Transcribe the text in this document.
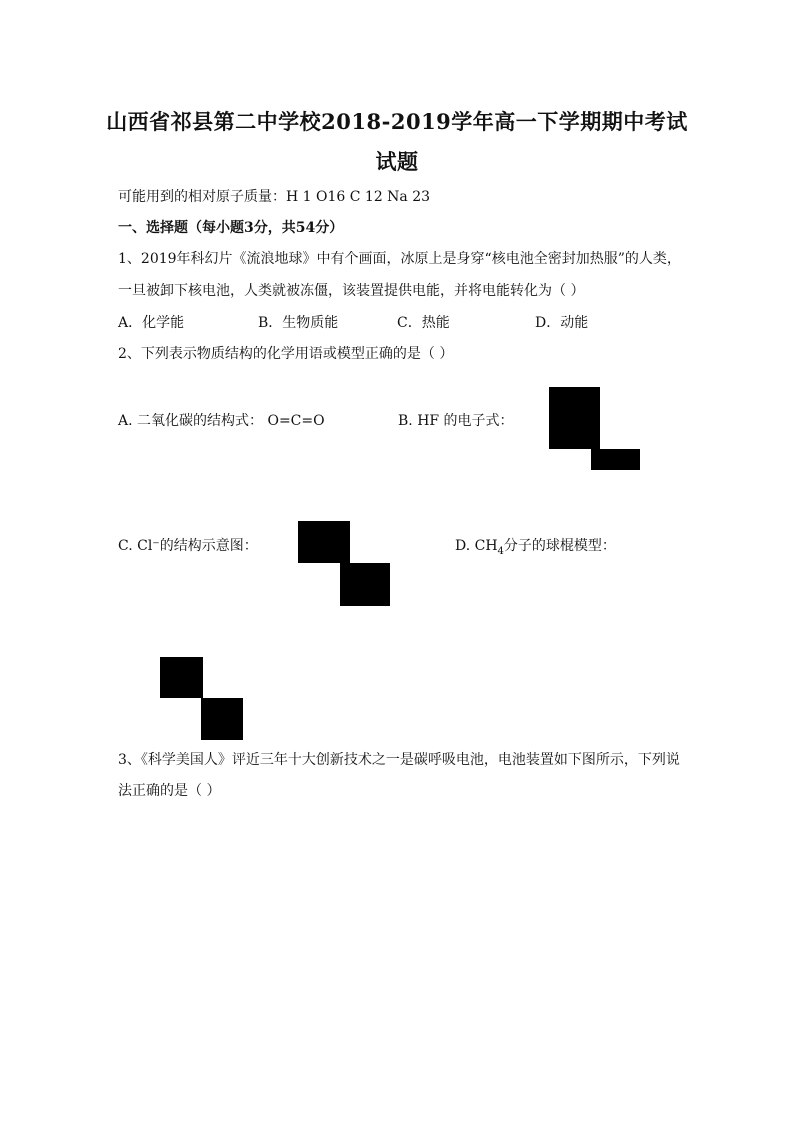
山西省祁县第二中学校2018-2019学年高一下学期期中考试
试题
可能用到的相对原子质量：H 1 O16 C 12 Na 23
一、选择题（每小题3分，共54分）
1、2019年科幻片《流浪地球》中有个画面，冰原上是身穿“核电池全密封加热服”的人类，
一旦被卸下核电池，人类就被冻僵，该装置提供电能，并将电能转化为（ ）
A．化学能	B．生物质能	C．热能	D．动能
2、下列表示物质结构的化学用语或模型正确的是（ ）
A. 二氧化碳的结构式： O=C=O	B. HF 的电子式：
C. Cl⁻的结构示意图：	D. $CH_4$分子的球棍模型：
3、《科学美国人》评近三年十大创新技术之一是碳呼吸电池，电池装置如下图所示，下列说
法正确的是（ ）
